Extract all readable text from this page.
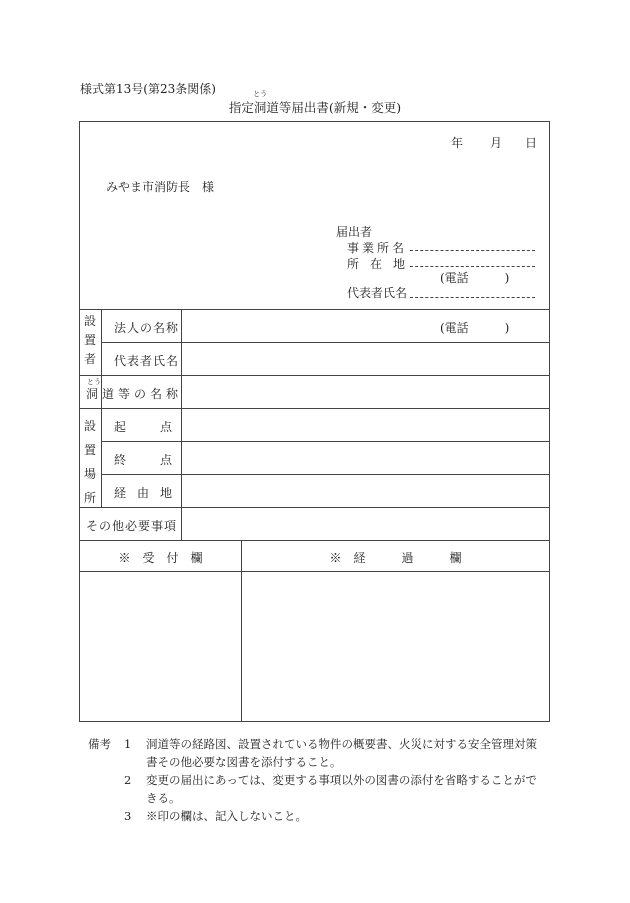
様式第13号(第23条関係)
指定洞
とう
道等届出書(新規・変更)
年 月 日
みやま市消防長　様
届出者
事業所名
所在地
(電話　　　)
代表者氏名
設置者
法人の名称	(電話　　　)
代表者氏名
洞
とう
道等の名称
設置場所
起点
終点
経由地
その他必要事項
※　受　付　欄	※　経　　　過　　　欄
備考 1 洞道等の経路図、設置されている物件の概要書、火災に対する安全管理対策
書その他必要な図書を添付すること。
2 変更の届出にあっては、変更する事項以外の図書の添付を省略することがで
きる。
3 ※印の欄は、記入しないこと。
